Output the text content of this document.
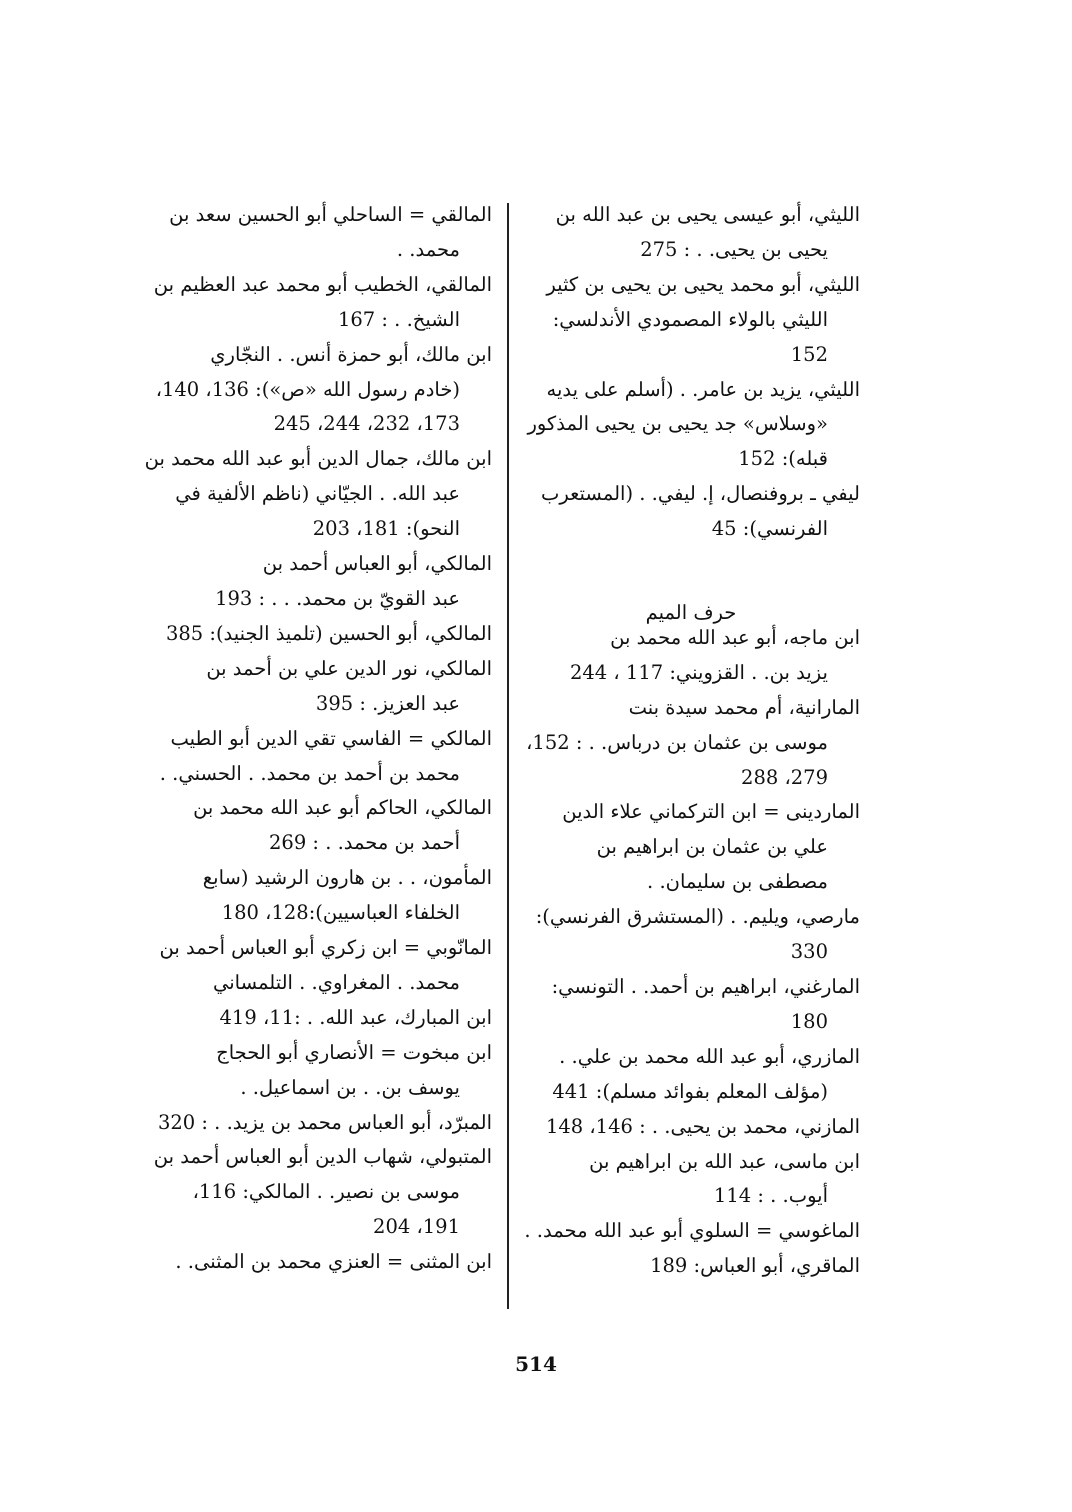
الليثي، أبو عيسى يحيى بن عبد الله بن
يحيى بن يحيى. . : 275
الليثي، أبو محمد يحيى بن يحيى بن كثير
الليثي بالولاء المصمودي الأندلسي:
152
الليثي، يزيد بن عامر. . (أسلم على يديه
«وسلاس» جد يحيى بن يحيى المذكور
قبله): 152
ليفي ـ بروفنصال، إ. ليفي. . (المستعرب
الفرنسي): 45
حرف الميم
ابن ماجه، أبو عبد الله محمد بن
يزيد بن. . القزويني: 117 ، 244
المارانية، أم محمد سيدة بنت
موسى بن عثمان بن درباس. . : 152،
279، 288
الماردينى = ابن التركماني علاء الدين
علي بن عثمان بن ابراهيم بن
مصطفى بن سليمان. .
مارصي، ويليم. . (المستشرق الفرنسي):
330
المارغني، ابراهيم بن أحمد. . التونسي:
180
المازري، أبو عبد الله محمد بن علي. .
(مؤلف المعلم بفوائد مسلم): 441
المازني، محمد بن يحيى. . : 146، 148
ابن ماسى، عبد الله بن ابراهيم بن
أيوب. . : 114
الماغوسي = السلوي أبو عبد الله محمد. .
الماقري، أبو العباس: 189
المالقي = الساحلي أبو الحسين سعد بن
محمد. .
المالقي، الخطيب أبو محمد عبد العظيم بن
الشيخ. . : 167
ابن مالك، أبو حمزة أنس. . النجّاري
(خادم رسول الله «ص»): 136، 140،
173، 232، 244، 245
ابن مالك، جمال الدين أبو عبد الله محمد بن
عبد الله. . الجيّاني (ناظم الألفية في
النحو): 181، 203
المالكي، أبو العباس أحمد بن
عبد القويّ بن محمد. . . : 193
المالكي، أبو الحسين (تلميذ الجنيد): 385
المالكي، نور الدين علي بن أحمد بن
عبد العزيز. : 395
المالكي = الفاسي تقي الدين أبو الطيب
محمد بن أحمد بن محمد. . الحسني. .
المالكي، الحاكم أبو عبد الله محمد بن
أحمد بن محمد. . : 269
المأمون، . . بن هارون الرشيد (سابع
الخلفاء العباسيين):128، 180
المانّوبي = ابن زكري أبو العباس أحمد بن
محمد. . المغراوي. . التلمساني
ابن المبارك، عبد الله. . :11، 419
ابن مبخوت = الأنصاري أبو الحجاج
يوسف بن. . بن اسماعيل. .
المبرّد، أبو العباس محمد بن يزيد. . : 320
المتبولي، شهاب الدين أبو العباس أحمد بن
موسى بن نصير. . المالكي: 116،
191، 204
ابن المثنى = العنزي محمد بن المثنى. .
514
